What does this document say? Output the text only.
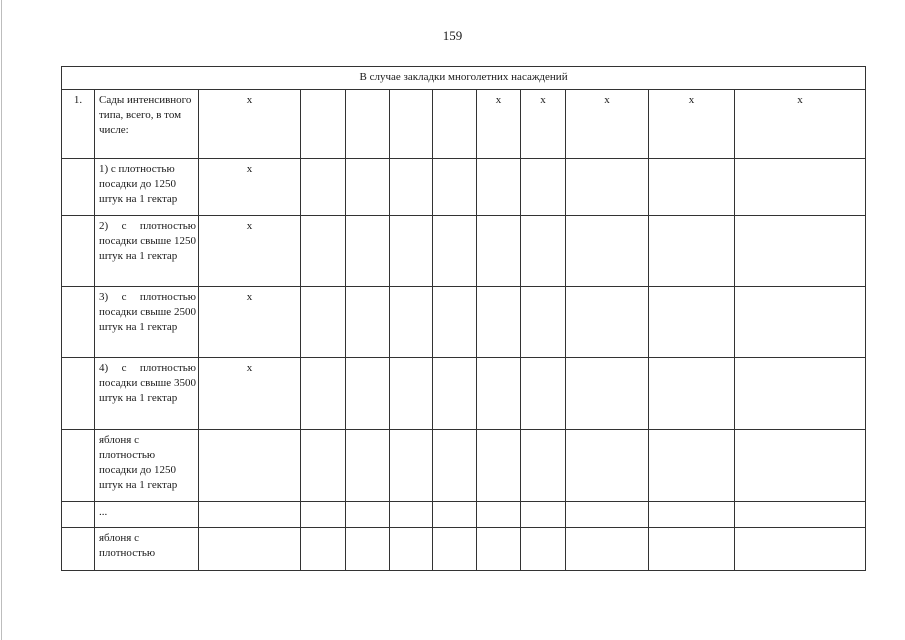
159
В случае закладки многолетних насаждений											
1.	Сады интенсивного типа, всего, в том числе:	х					х	х	х	х	х
	1) с плотностью посадки до 1250 штук на 1 гектар	х									
	2) с плотностью посадки свыше 1250 штук на 1 гектар	х									
	3) с плотностью посадки свыше 2500 штук на 1 гектар	х									
	4) с плотностью посадки свыше 3500 штук на 1 гектар	х									
	яблоня с плотностью посадки до 1250 штук на 1 гектар										
	...										
	яблоня с плотностью										
